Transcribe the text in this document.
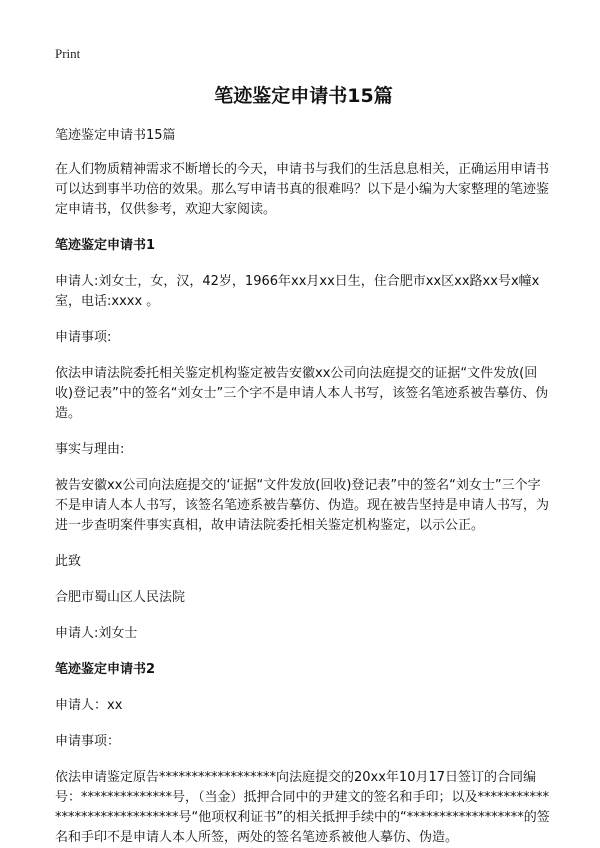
Print
笔迹鉴定申请书15篇
笔迹鉴定申请书15篇
在人们物质精神需求不断增长的今天，申请书与我们的生活息息相关，正确运用申请书可以达到事半功倍的效果。那么写申请书真的很难吗？以下是小编为大家整理的笔迹鉴定申请书，仅供参考，欢迎大家阅读。
笔迹鉴定申请书1
申请人:刘女士，女，汉，42岁，1966年xx月xx日生，住合肥市xx区xx路xx号x幢x室，电话:xxxx 。
申请事项:
依法申请法院委托相关鉴定机构鉴定被告安徽xx公司向法庭提交的证据“文件发放(回收)登记表”中的签名“刘女士”三个字不是申请人本人书写，该签名笔迹系被告摹仿、伪造。
事实与理由:
被告安徽xx公司向法庭提交的‘证据“文件发放(回收)登记表”中的签名“刘女士”三个字不是申请人本人书写，该签名笔迹系被告摹仿、伪造。现在被告坚持是申请人书写，为进一步查明案件事实真相，故申请法院委托相关鉴定机构鉴定，以示公正。
此致
合肥市蜀山区人民法院
申请人:刘女士
笔迹鉴定申请书2
申请人：xx
申请事项：
依法申请鉴定原告******************向法庭提交的20xx年10月17日签订的合同编号：**************号，（当金）抵押合同中的尹建文的签名和手印；以及******************************号“他项权利证书”的相关抵押手续中的“******************的签名和手印不是申请人本人所签，两处的签名笔迹系被他人摹仿、伪造。
